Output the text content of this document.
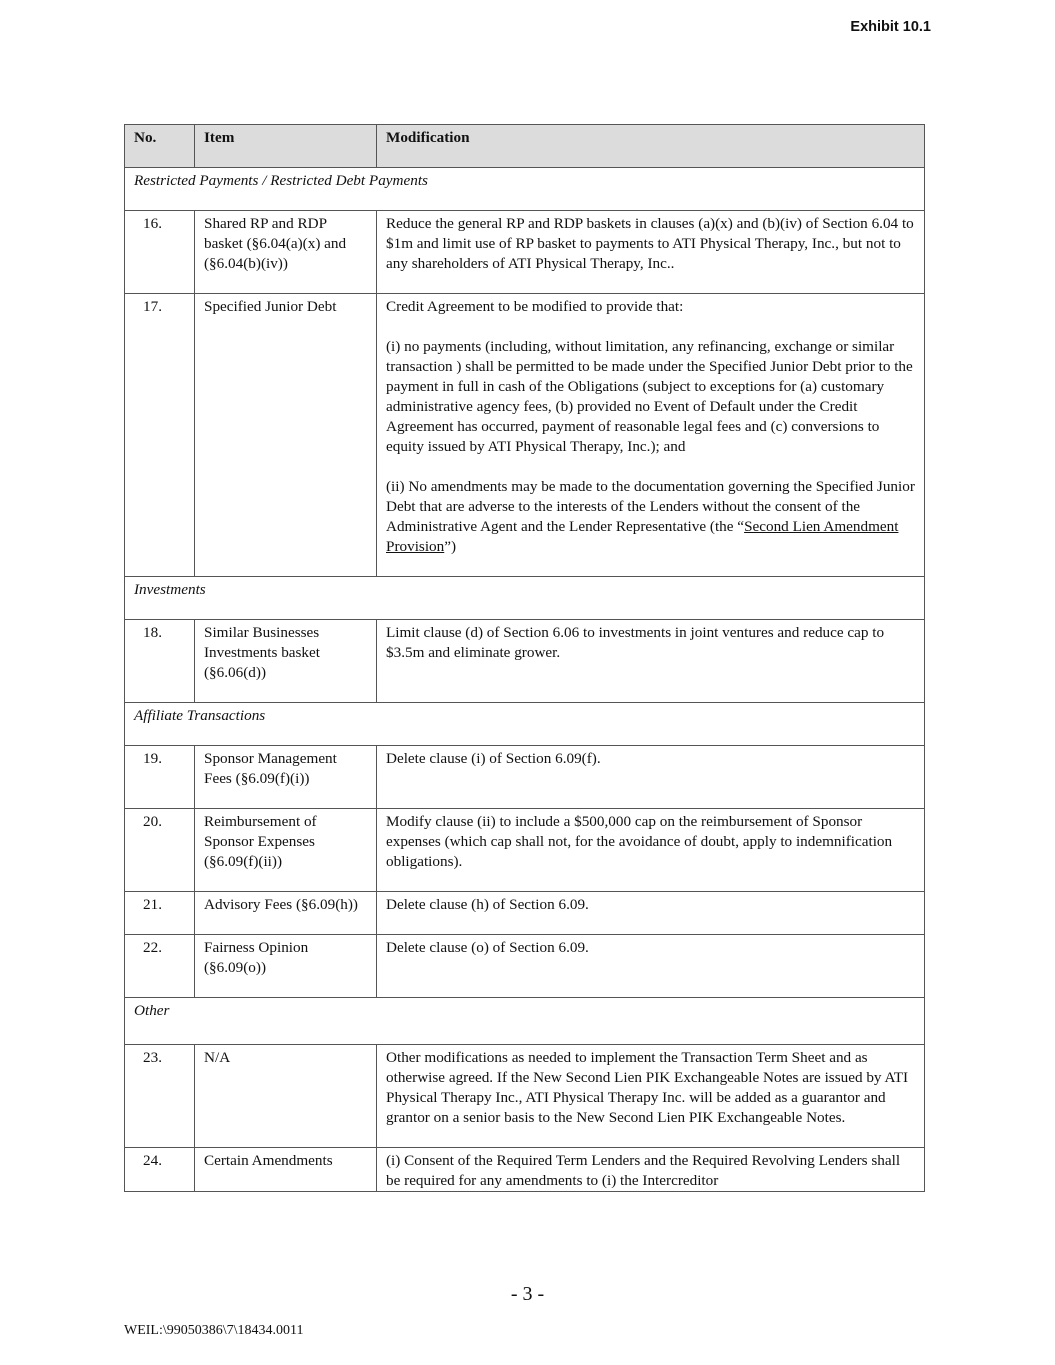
Exhibit 10.1
No.	Item	Modification
Restricted Payments / Restricted Debt Payments		
16.	Shared RP and RDP basket (§6.04(a)(x) and (§6.04(b)(iv))	Reduce the general RP and RDP baskets in clauses (a)(x) and (b)(iv) of Section 6.04 to $1m and limit use of RP basket to payments to ATI Physical Therapy, Inc., but not to any shareholders of ATI Physical Therapy, Inc..
17.	Specified Junior Debt	Credit Agreement to be modified to provide that:
(i) no payments (including, without limitation, any refinancing, exchange or similar transaction ) shall be permitted to be made under the Specified Junior Debt prior to the payment in full in cash of the Obligations (subject to exceptions for (a) customary administrative agency fees, (b) provided no Event of Default under the Credit Agreement has occurred, payment of reasonable legal fees and (c) conversions to equity issued by ATI Physical Therapy, Inc.); and
(ii) No amendments may be made to the documentation governing the Specified Junior Debt that are adverse to the interests of the Lenders without the consent of the Administrative Agent and the Lender Representative (the “Second Lien Amendment Provision”)

Investments		
18.	Similar Businesses Investments basket (§6.06(d))	Limit clause (d) of Section 6.06 to investments in joint ventures and reduce cap to $3.5m and eliminate grower.
Affiliate Transactions		
19.	Sponsor Management Fees (§6.09(f)(i))	Delete clause (i) of Section 6.09(f).
20.	Reimbursement of Sponsor Expenses (§6.09(f)(ii))	Modify clause (ii) to include a $500,000 cap on the reimbursement of Sponsor expenses (which cap shall not, for the avoidance of doubt, apply to indemnification obligations).
21.	Advisory Fees (§6.09(h))	Delete clause (h) of Section 6.09.
22.	Fairness Opinion (§6.09(o))	Delete clause (o) of Section 6.09.
Other		
23.	N/A	Other modifications as needed to implement the Transaction Term Sheet and as otherwise agreed. If the New Second Lien PIK Exchangeable Notes are issued by ATI Physical Therapy Inc., ATI Physical Therapy Inc. will be added as a guarantor and grantor on a senior basis to the New Second Lien PIK Exchangeable Notes.
24.	Certain Amendments	(i) Consent of the Required Term Lenders and the Required Revolving Lenders shall be required for any amendments to (i) the Intercreditor
- 3 -
WEIL:\99050386\7\18434.0011
